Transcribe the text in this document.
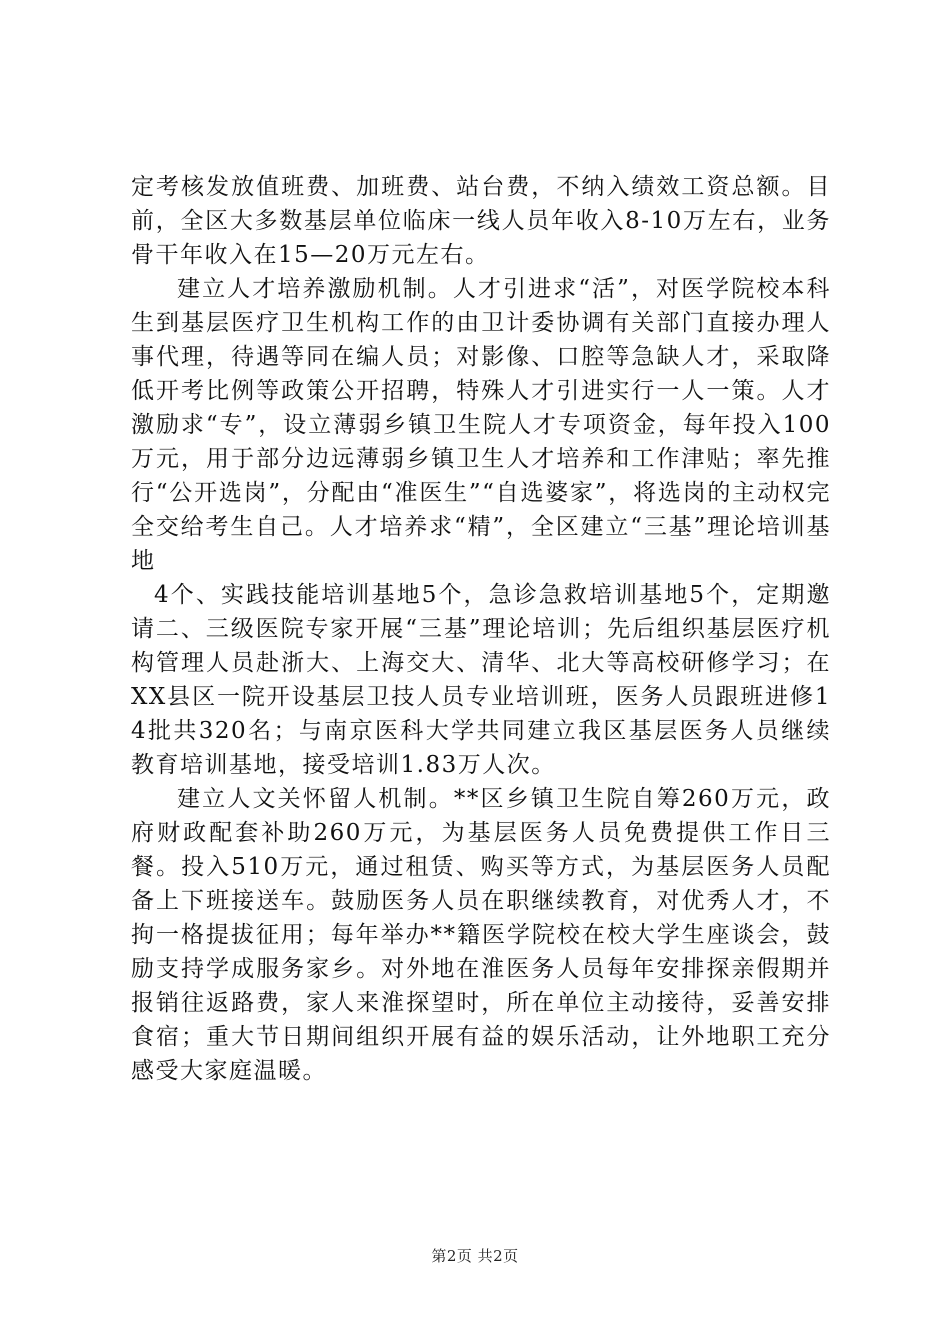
定考核发放值班费、加班费、站台费，不纳入绩效工资总额。目前，全区大多数基层单位临床一线人员年收入8-10万左右，业务骨干年收入在15—20万元左右。

建立人才培养激励机制。人才引进求“活”，对医学院校本科生到基层医疗卫生机构工作的由卫计委协调有关部门直接办理人事代理，待遇等同在编人员；对影像、口腔等急缺人才，采取降低开考比例等政策公开招聘，特殊人才引进实行一人一策。人才激励求“专”，设立薄弱乡镇卫生院人才专项资金，每年投入100万元，用于部分边远薄弱乡镇卫生人才培养和工作津贴；率先推行“公开选岗”，分配由“准医生”“自选婆家”，将选岗的主动权完全交给考生自己。人才培养求“精”，全区建立“三基”理论培训基地

4个、实践技能培训基地5个，急诊急救培训基地5个，定期邀请二、三级医院专家开展“三基”理论培训；先后组织基层医疗机构管理人员赴浙大、上海交大、清华、北大等高校研修学习；在XX县区一院开设基层卫技人员专业培训班，医务人员跟班进修14批共320名；与南京医科大学共同建立我区基层医务人员继续教育培训基地，接受培训1.83万人次。

建立人文关怀留人机制。**区乡镇卫生院自筹260万元，政府财政配套补助260万元，为基层医务人员免费提供工作日三餐。投入510万元，通过租赁、购买等方式，为基层医务人员配备上下班接送车。鼓励医务人员在职继续教育，对优秀人才，不拘一格提拔征用；每年举办**籍医学院校在校大学生座谈会，鼓励支持学成服务家乡。对外地在淮医务人员每年安排探亲假期并报销往返路费，家人来淮探望时，所在单位主动接待，妥善安排食宿；重大节日期间组织开展有益的娱乐活动，让外地职工充分感受大家庭温暖。

第2页 共2页
